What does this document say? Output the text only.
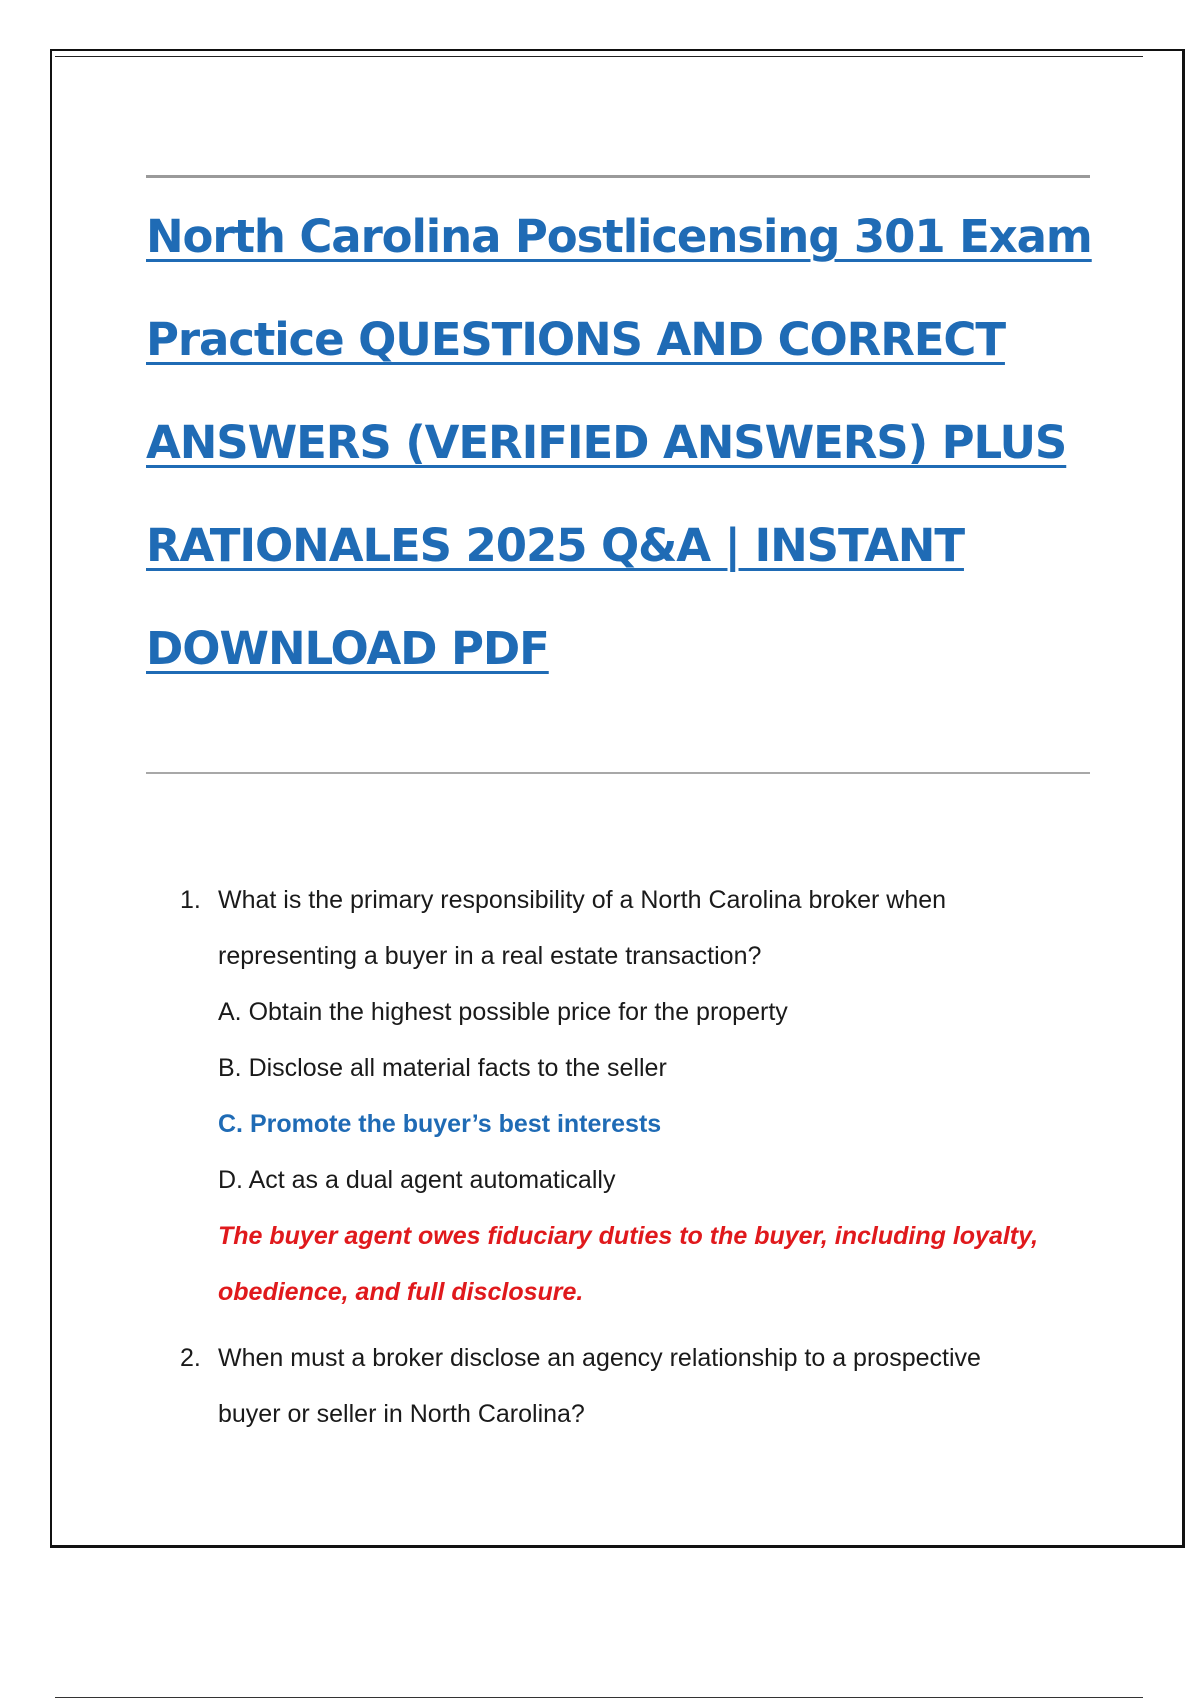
North Carolina Postlicensing 301 Exam
Practice QUESTIONS AND CORRECT
ANSWERS (VERIFIED ANSWERS) PLUS
RATIONALES 2025 Q&A | INSTANT
DOWNLOAD PDF
1. What is the primary responsibility of a North Carolina broker when
representing a buyer in a real estate transaction?
A. Obtain the highest possible price for the property
B. Disclose all material facts to the seller
C. Promote the buyer’s best interests
D. Act as a dual agent automatically
The buyer agent owes fiduciary duties to the buyer, including loyalty,
obedience, and full disclosure.
2. When must a broker disclose an agency relationship to a prospective
buyer or seller in North Carolina?
